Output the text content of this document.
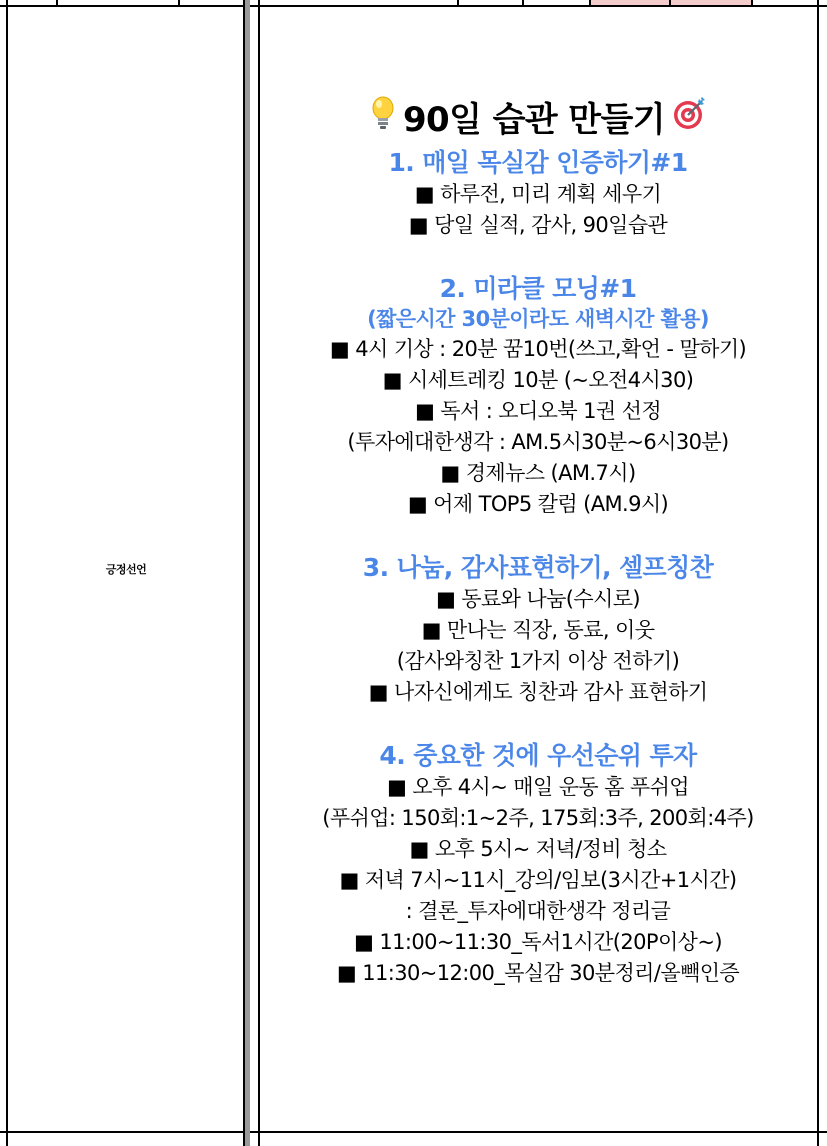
긍정선언
90일 습관 만들기
1. 매일 목실감 인증하기#1
■ 하루전, 미리 계획 세우기
■ 당일 실적, 감사, 90일습관
2. 미라클 모닝#1
(짧은시간 30분이라도 새벽시간 활용)
■ 4시 기상 : 20분 꿈10번(쓰고,확언 - 말하기)
■ 시세트레킹 10분 (~오전4시30)
■ 독서 : 오디오북 1권 선정
(투자에대한생각 : AM.5시30분~6시30분)
■ 경제뉴스 (AM.7시)
■ 어제 TOP5 칼럼 (AM.9시)
3. 나눔, 감사표현하기, 셀프칭찬
■ 동료와 나눔(수시로)
■ 만나는 직장, 동료, 이웃
(감사와칭찬 1가지 이상 전하기)
■ 나자신에게도 칭찬과 감사 표현하기
4. 중요한 것에 우선순위 투자
■ 오후 4시~ 매일 운동 홈 푸쉬업
(푸쉬업: 150회:1~2주, 175회:3주, 200회:4주)
■ 오후 5시~ 저녁/정비 청소
■ 저녁 7시~11시_강의/임보(3시간+1시간)
: 결론_투자에대한생각 정리글
■ 11:00~11:30_독서1시간(20P이상~)
■ 11:30~12:00_목실감 30분정리/올빽인증
